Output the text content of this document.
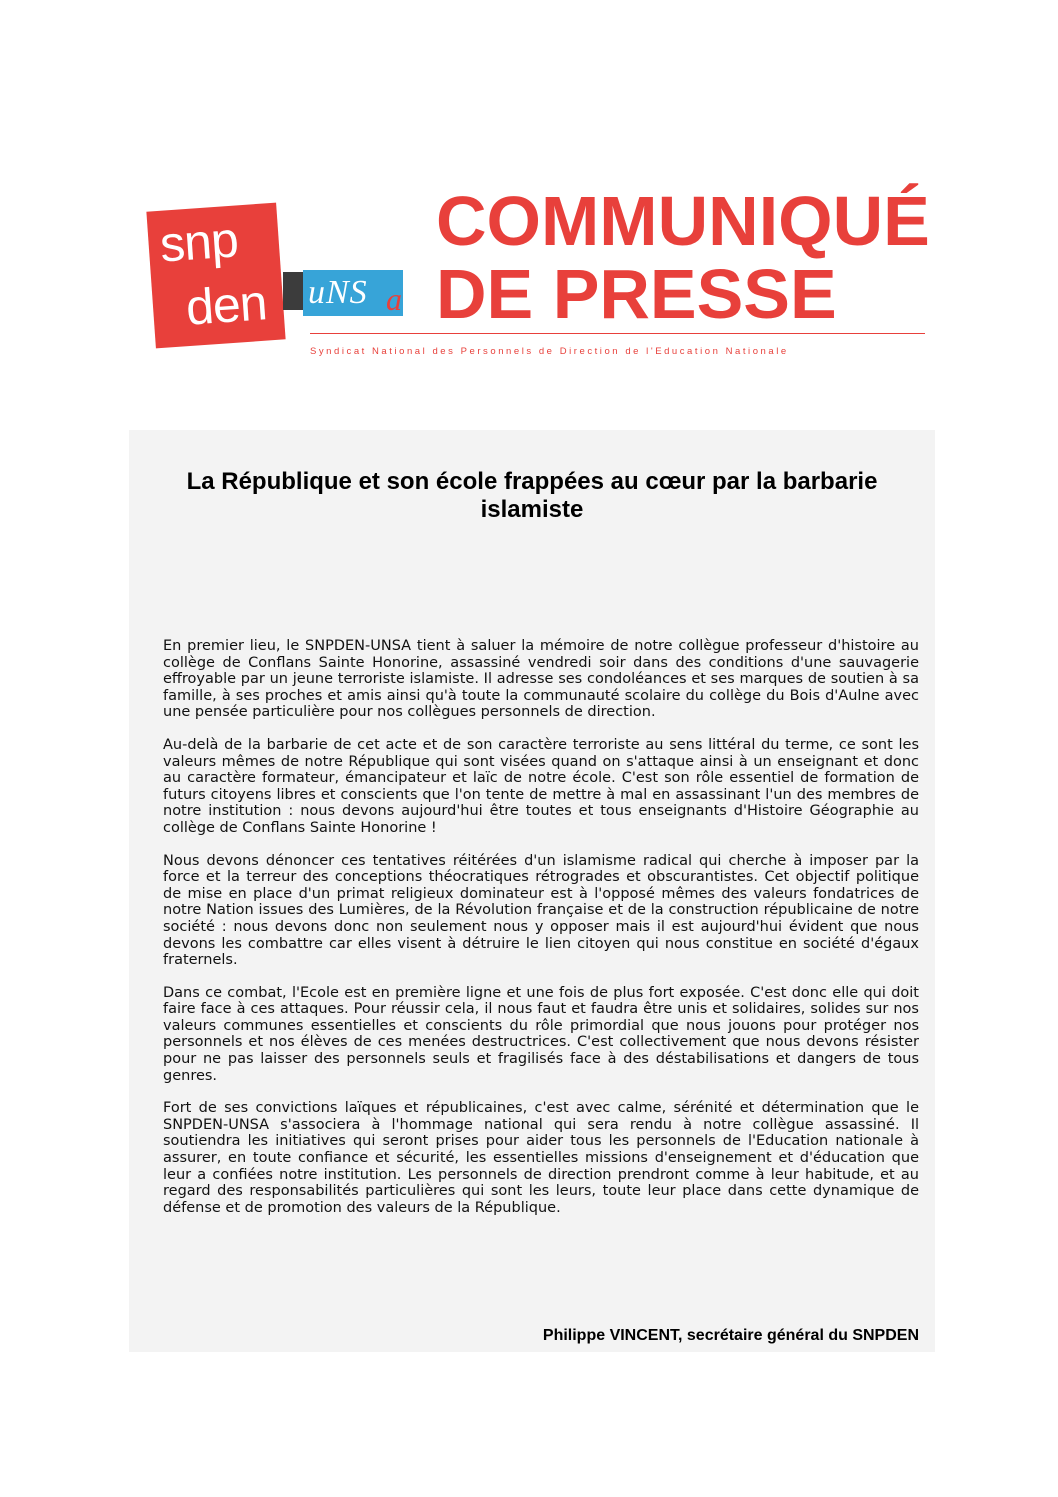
snp
den uNS a
COMMUNIQUÉ
DE PRESSE
Syndicat National des Personnels de Direction de l'Education Nationale
La République et son école frappées au cœur par la barbarie islamiste

En premier lieu, le SNPDEN-UNSA tient à saluer la mémoire de notre collègue professeur d'histoire au collège de Conflans Sainte Honorine, assassiné vendredi soir dans des conditions d'une sauvagerie effroyable par un jeune terroriste islamiste. Il adresse ses condoléances et ses marques de soutien à sa famille, à ses proches et amis ainsi qu'à toute la communauté scolaire du collège du Bois d'Aulne avec une pensée particulière pour nos collègues personnels de direction.

Au-delà de la barbarie de cet acte et de son caractère terroriste au sens littéral du terme, ce sont les valeurs mêmes de notre République qui sont visées quand on s'attaque ainsi à un enseignant et donc au caractère formateur, émancipateur et laïc de notre école. C'est son rôle essentiel de formation de futurs citoyens libres et conscients que l'on tente de mettre à mal en assassinant l'un des membres de notre institution : nous devons aujourd'hui être toutes et tous enseignants d'Histoire Géographie au collège de Conflans Sainte Honorine !

Nous devons dénoncer ces tentatives réitérées d'un islamisme radical qui cherche à imposer par la force et la terreur des conceptions théocratiques rétrogrades et obscurantistes. Cet objectif politique de mise en place d'un primat religieux dominateur est à l'opposé mêmes des valeurs fondatrices de notre Nation issues des Lumières, de la Révolution française et de la construction républicaine de notre société : nous devons donc non seulement nous y opposer mais il est aujourd'hui évident que nous devons les combattre car elles visent à détruire le lien citoyen qui nous constitue en société d'égaux fraternels.

Dans ce combat, l'Ecole est en première ligne et une fois de plus fort exposée. C'est donc elle qui doit faire face à ces attaques. Pour réussir cela, il nous faut et faudra être unis et solidaires, solides sur nos valeurs communes essentielles et conscients du rôle primordial que nous jouons pour protéger nos personnels et nos élèves de ces menées destructrices. C'est collectivement que nous devons résister pour ne pas laisser des personnels seuls et fragilisés face à des déstabilisations et dangers de tous genres.

Fort de ses convictions laïques et républicaines, c'est avec calme, sérénité et détermination que le SNPDEN-UNSA s'associera à l'hommage national qui sera rendu à notre collègue assassiné. Il soutiendra les initiatives qui seront prises pour aider tous les personnels de l'Education nationale à assurer, en toute confiance et sécurité, les essentielles missions d'enseignement et d'éducation que leur a confiées notre institution. Les personnels de direction prendront comme à leur habitude, et au regard des responsabilités particulières qui sont les leurs, toute leur place dans cette dynamique de défense et de promotion des valeurs de la République.

Philippe VINCENT, secrétaire général du SNPDEN
